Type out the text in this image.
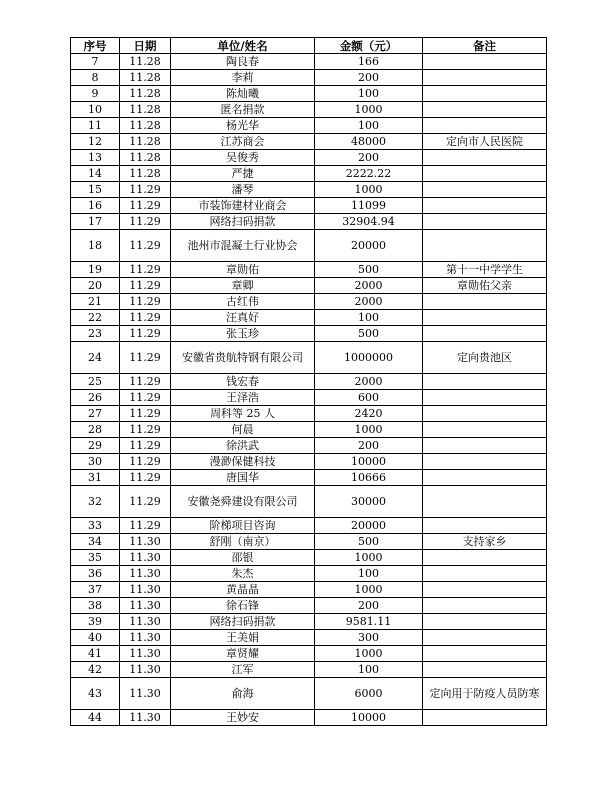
序号	日期	单位/姓名	金额（元）	备注
7	11.28	陶良春	166	
8	11.28	李莉	200	
9	11.28	陈灿曦	100	
10	11.28	匿名捐款	1000	
11	11.28	杨光华	100	
12	11.28	江苏商会	48000	定向市人民医院
13	11.28	吴俊秀	200	
14	11.28	严捷	2222.22	
15	11.29	潘琴	1000	
16	11.29	市装饰建材业商会	11099	
17	11.29	网络扫码捐款	32904.94	
18	11.29	池州市混凝土行业协会	20000	
19	11.29	章勋佑	500	第十一中学学生
20	11.29	章卿	2000	章勋佑父亲
21	11.29	古红伟	2000	
22	11.29	汪真好	100	
23	11.29	张玉珍	500	
24	11.29	安徽省贵航特钢有限公司	1000000	定向贵池区
25	11.29	钱宏春	2000	
26	11.29	王泽浩	600	
27	11.29	周科等 25 人	2420	
28	11.29	何晨	1000	
29	11.29	徐洪武	200	
30	11.29	漫渺保健科技	10000	
31	11.29	唐国华	10666	
32	11.29	安徽尧舜建设有限公司	30000	
33	11.29	阶梯项目咨询	20000	
34	11.30	舒刚（南京）	500	支持家乡
35	11.30	邵银	1000	
36	11.30	朱杰	100	
37	11.30	黄晶晶	1000	
38	11.30	徐石锋	200	
39	11.30	网络扫码捐款	9581.11	
40	11.30	王美娟	300	
41	11.30	章贤耀	1000	
42	11.30	江军	100	
43	11.30	俞海	6000	定向用于防疫人员防寒
44	11.30	王妙安	10000	
